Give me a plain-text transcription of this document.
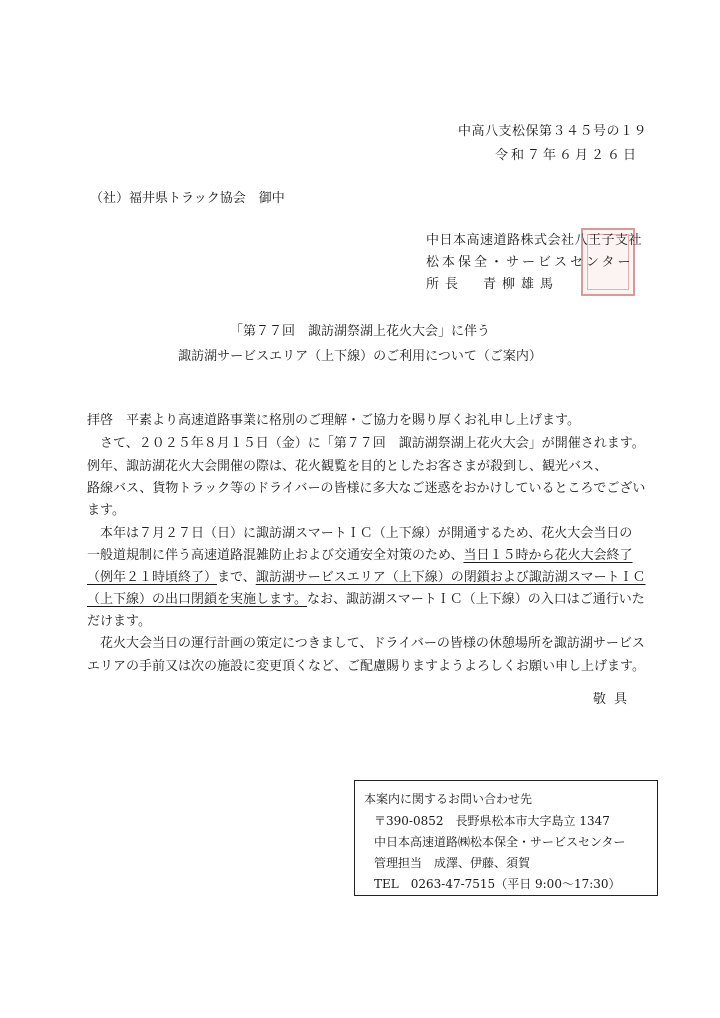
中高八支松保第３４５号の１９
令和７年６月２６日
（社）福井県トラック協会　御中
中日本高速道路株式会社八王子支社
松本保全・サービスセンター
所長　青柳雄馬
「第７７回　諏訪湖祭湖上花火大会」に伴う
諏訪湖サービスエリア（上下線）のご利用について（ご案内）
拝啓　平素より高速道路事業に格別のご理解・ご協力を賜り厚くお礼申し上げます。
さて、２０２５年８月１５日（金）に「第７７回　諏訪湖祭湖上花火大会」が開催されます。
例年、諏訪湖花火大会開催の際は、花火観覧を目的としたお客さまが殺到し、観光バス、
路線バス、貨物トラック等のドライバーの皆様に多大なご迷惑をおかけしているところでござい
ます。
本年は７月２７日（日）に諏訪湖スマートＩＣ（上下線）が開通するため、花火大会当日の
一般道規制に伴う高速道路混雑防止および交通安全対策のため、当日１５時から花火大会終了
（例年２１時頃終了）まで、諏訪湖サービスエリア（上下線）の閉鎖および諏訪湖スマートＩＣ
（上下線）の出口閉鎖を実施します。なお、諏訪湖スマートＩＣ（上下線）の入口はご通行いた
だけます。
花火大会当日の運行計画の策定につきまして、ドライバーの皆様の休憩場所を諏訪湖サービス
エリアの手前又は次の施設に変更頂くなど、ご配慮賜りますようよろしくお願い申し上げます。
敬具
本案内に関するお問い合わせ先
〒390-0852　長野県松本市大字島立 1347
中日本高速道路㈱松本保全・サービスセンター
管理担当　成澤、伊藤、須賀
TEL　0263-47-7515（平日 9:00～17:30）
